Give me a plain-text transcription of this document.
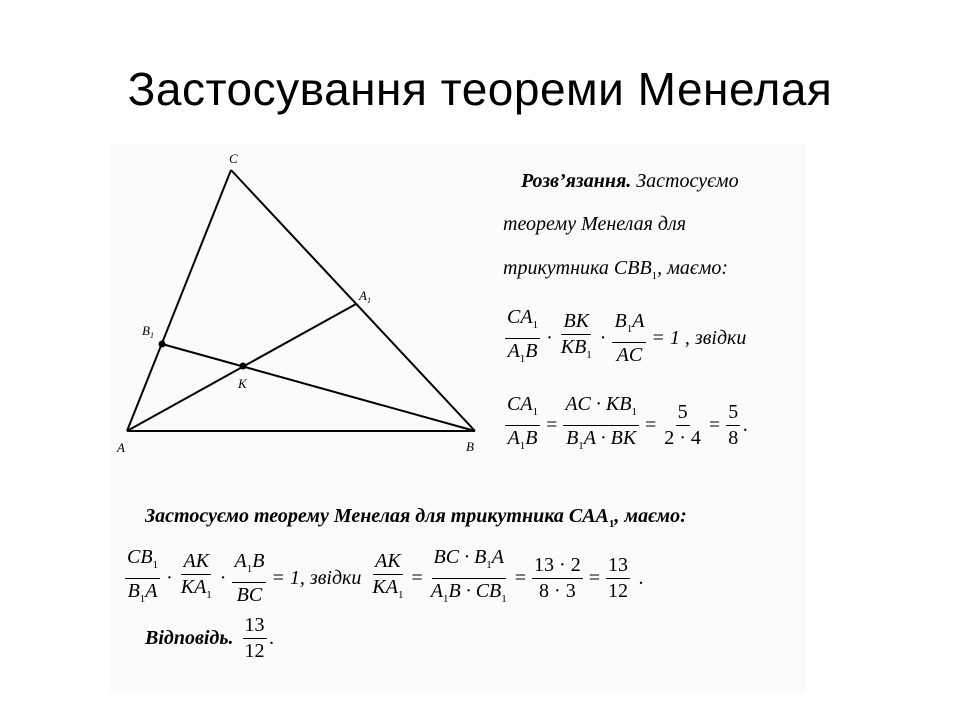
Застосування теореми Менелая
C
$A_1$
$B_1$
K
A	B
Розв’язання. Застосуємо
теорему Менелая для
трикутника $CBB_1$, маємо:
$\frac{CA_1}{A_1B} \cdot \frac{BK}{KB_1} \cdot \frac{B_1A}{AC} = 1$ , звідки
$\frac{CA_1}{A_1B} = \frac{AC \cdot KB_1}{B_1A \cdot BK} = \frac{5}{2 \cdot 4} = \frac{5}{8}$ .
Застосуємо теорему Менелая для трикутника $CAA_1$, маємо:
$\frac{CB_1}{B_1A} \cdot \frac{AK}{KA_1} \cdot \frac{A_1B}{BC} = 1$, звідки $\frac{AK}{KA_1} = \frac{BC \cdot B_1A}{A_1B \cdot CB_1} = \frac{13 \cdot 2}{8 \cdot 3} = \frac{13}{12}$ .
Відповідь. $\frac{13}{12}$ .
